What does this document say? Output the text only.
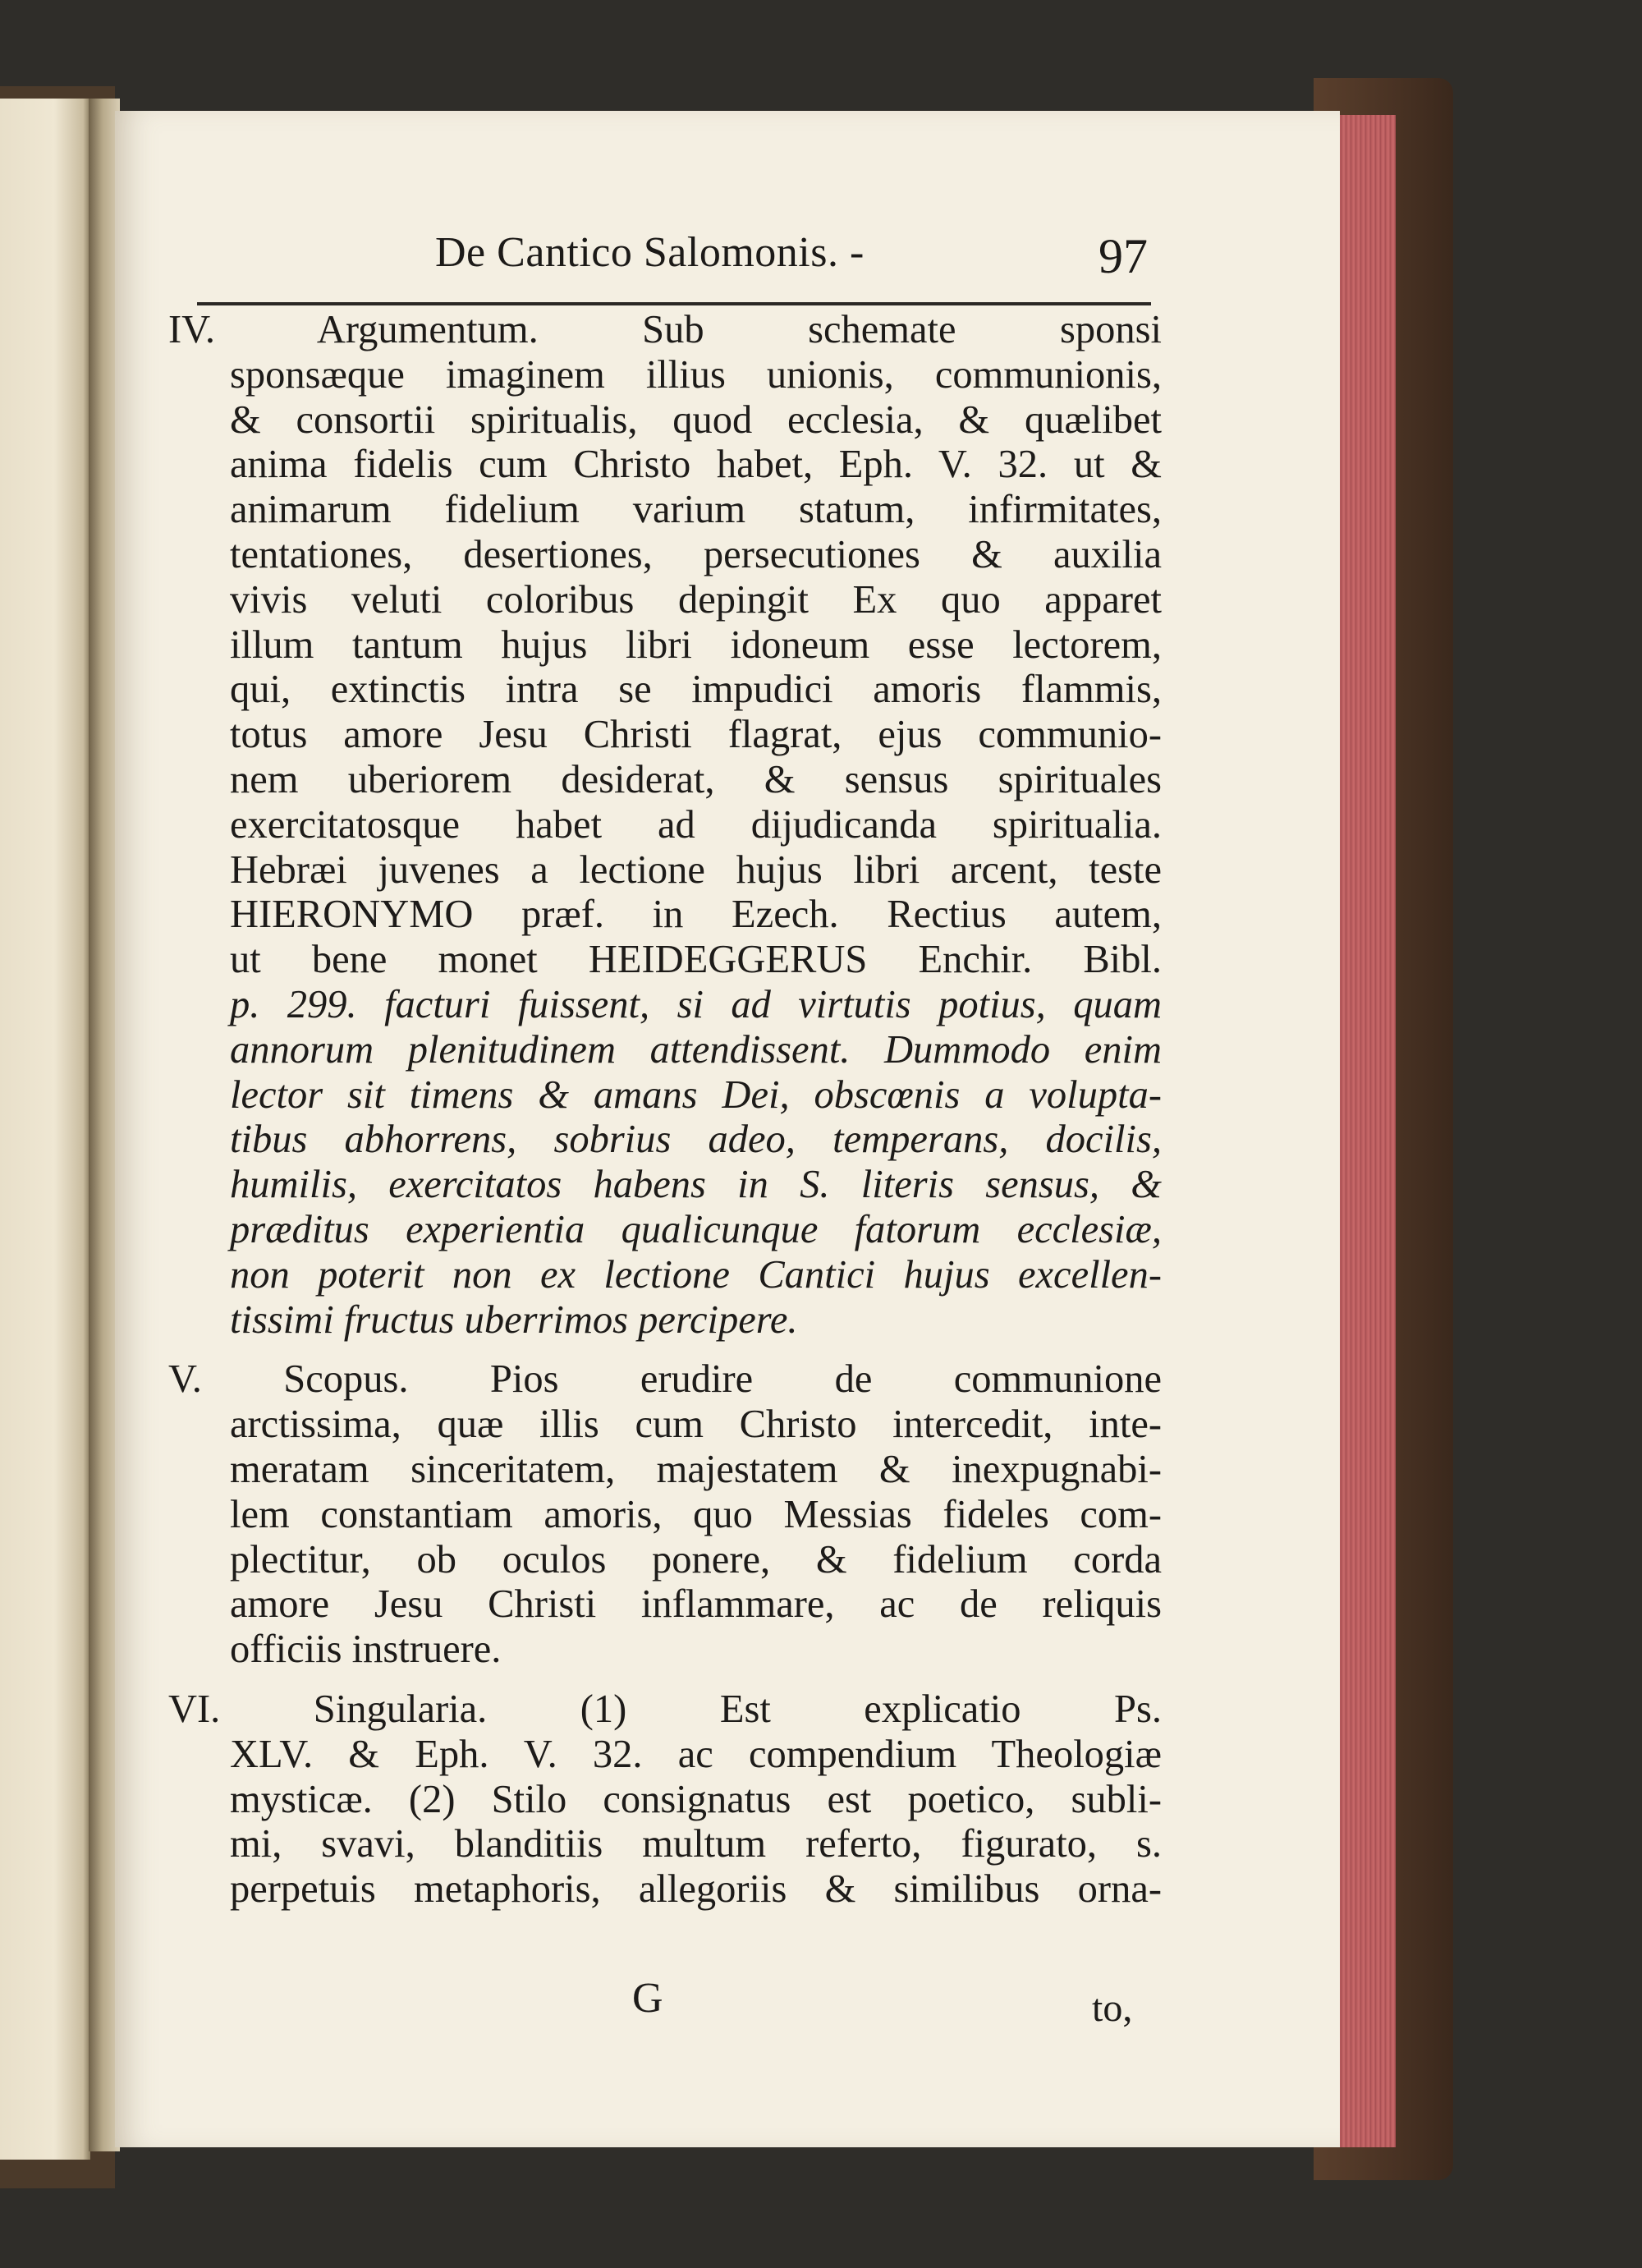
De Cantico Salomonis. -	97
IV. Argumentum. Sub schemate sponsi
sponsæque imaginem illius unionis, communionis,
& consortii spiritualis, quod ecclesia, & quælibet
anima fidelis cum Christo habet, Eph. V. 32. ut &
animarum fidelium varium statum, infirmitates,
tentationes, desertiones, persecutiones & auxilia
vivis veluti coloribus depingit Ex quo apparet
illum tantum hujus libri idoneum esse lectorem,
qui, extinctis intra se impudici amoris flammis,
totus amore Jesu Christi flagrat, ejus communio-
nem uberiorem desiderat, & sensus spirituales
exercitatosque habet ad dijudicanda spiritualia.
Hebræi juvenes a lectione hujus libri arcent, teste
HIERONYMO præf. in Ezech. Rectius autem,
ut bene monet HEIDEGGERUS Enchir. Bibl.
p. 299. facturi fuissent, si ad virtutis potius, quam
annorum plenitudinem attendissent. Dummodo enim
lector sit timens & amans Dei, obscœnis a volupta-
tibus abhorrens, sobrius adeo, temperans, docilis,
humilis, exercitatos habens in S. literis sensus, &
præditus experientia qualicunque fatorum ecclesiæ,
non poterit non ex lectione Cantici hujus excellen-
tissimi fructus uberrimos percipere.
V. Scopus. Pios erudire de communione
arctissima, quæ illis cum Christo intercedit, inte-
meratam sinceritatem, majestatem & inexpugnabi-
lem constantiam amoris, quo Messias fideles com-
plectitur, ob oculos ponere, & fidelium corda
amore Jesu Christi inflammare, ac de reliquis
officiis instruere.
VI. Singularia. (1) Est explicatio Ps.
XLV. & Eph. V. 32. ac compendium Theologiæ
mysticæ. (2) Stilo consignatus est poetico, subli-
mi, svavi, blanditiis multum referto, figurato, s.
perpetuis metaphoris, allegoriis & similibus orna-
G	to,
